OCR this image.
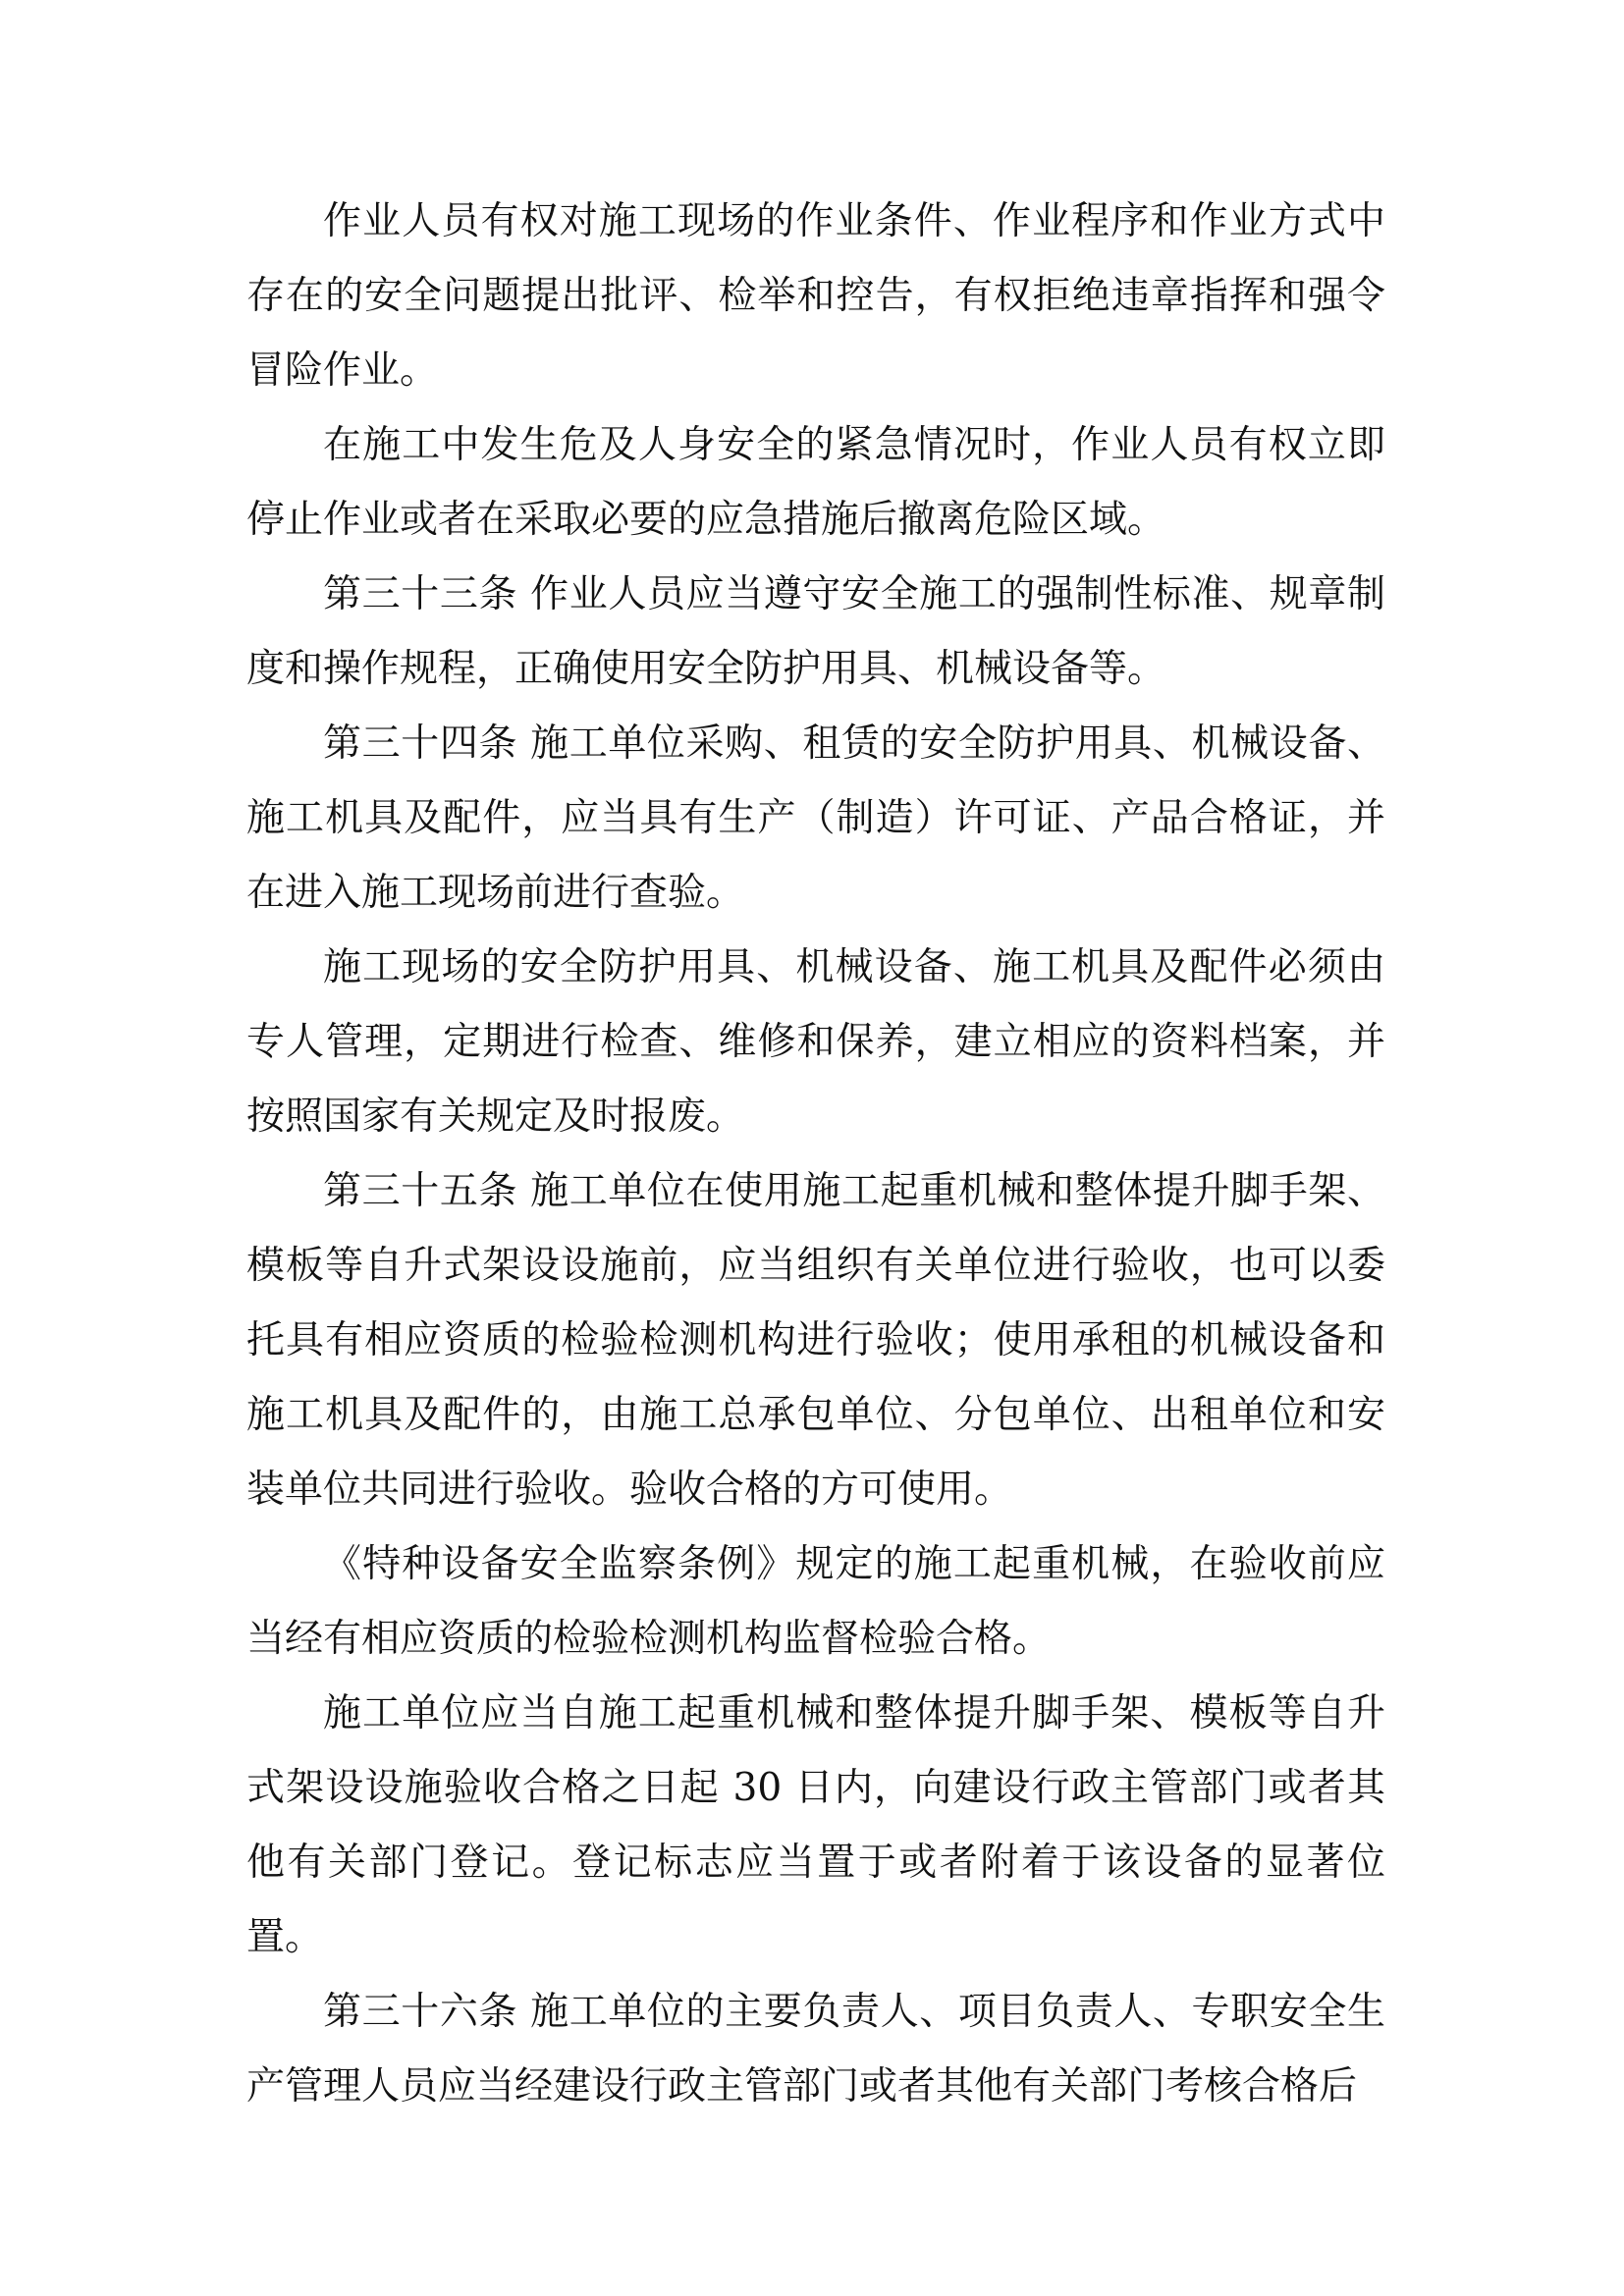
作业人员有权对施工现场的作业条件、作业程序和作业方式中存在的安全问题提出批评、检举和控告，有权拒绝违章指挥和强令冒险作业。

在施工中发生危及人身安全的紧急情况时，作业人员有权立即停止作业或者在采取必要的应急措施后撤离危险区域。

第三十三条 作业人员应当遵守安全施工的强制性标准、规章制度和操作规程，正确使用安全防护用具、机械设备等。

第三十四条 施工单位采购、租赁的安全防护用具、机械设备、施工机具及配件，应当具有生产（制造）许可证、产品合格证，并在进入施工现场前进行查验。

施工现场的安全防护用具、机械设备、施工机具及配件必须由专人管理，定期进行检查、维修和保养，建立相应的资料档案，并按照国家有关规定及时报废。

第三十五条 施工单位在使用施工起重机械和整体提升脚手架、模板等自升式架设设施前，应当组织有关单位进行验收，也可以委托具有相应资质的检验检测机构进行验收；使用承租的机械设备和施工机具及配件的，由施工总承包单位、分包单位、出租单位和安装单位共同进行验收。验收合格的方可使用。

《特种设备安全监察条例》规定的施工起重机械，在验收前应当经有相应资质的检验检测机构监督检验合格。

施工单位应当自施工起重机械和整体提升脚手架、模板等自升式架设设施验收合格之日起 30 日内，向建设行政主管部门或者其他有关部门登记。登记标志应当置于或者附着于该设备的显著位置。

第三十六条 施工单位的主要负责人、项目负责人、专职安全生产管理人员应当经建设行政主管部门或者其他有关部门考核合格后
